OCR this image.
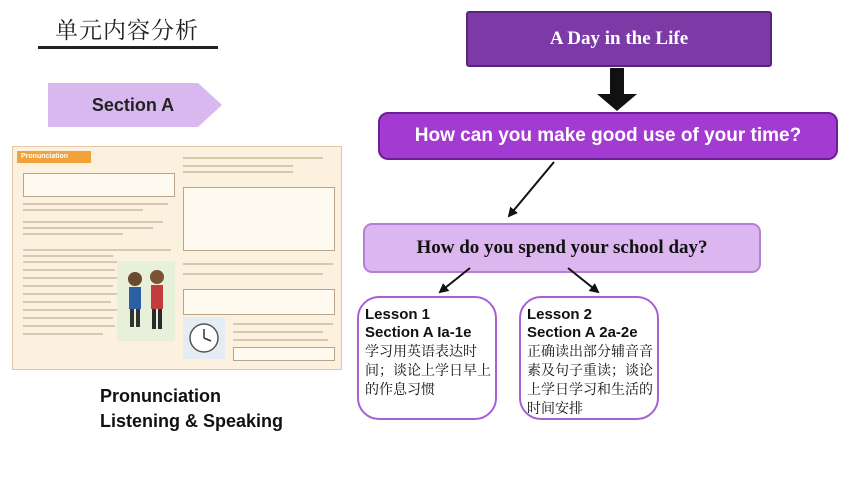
单元内容分析
Section A
Pronunciation
Pronunciation
Listening & Speaking
A Day in the Life
How can you make good use of your time?
How do you spend your school day?
Lesson 1
Section A Ia-1e
学习用英语表达时间；谈论上学日早上的作息习惯
Lesson 2
Section A 2a-2e
正确读出部分辅音音素及句子重读；谈论上学日学习和生活的时间安排
